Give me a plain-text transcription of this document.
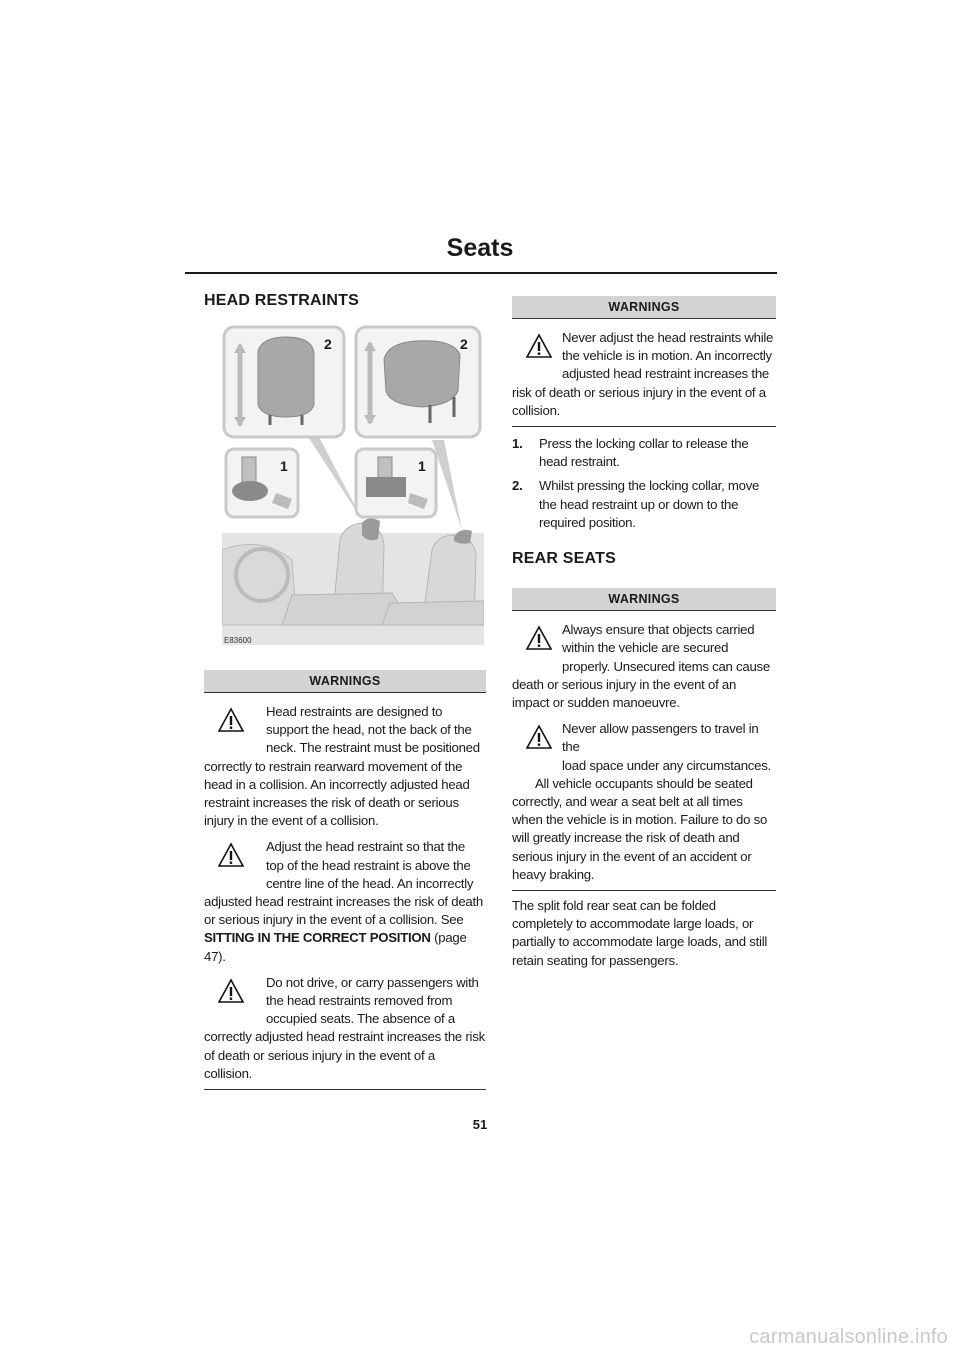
Seats
HEAD RESTRAINTS
2	2
1	1
E83600
WARNINGS
Head restraints are designed to
support the head, not the back of the
neck. The restraint must be positioned
correctly to restrain rearward movement of the head in a collision. An incorrectly adjusted head restraint increases the risk of death or serious injury in the event of a collision.
Adjust the head restraint so that the
top of the head restraint is above the
centre line of the head. An incorrectly
adjusted head restraint increases the risk of death or serious injury in the event of a collision. See SITTING IN THE CORRECT POSITION (page 47).
Do not drive, or carry passengers with
the head restraints removed from
occupied seats. The absence of a
correctly adjusted head restraint increases the risk of death or serious injury in the event of a collision.
WARNINGS
Never adjust the head restraints while
the vehicle is in motion. An incorrectly
adjusted head restraint increases the
risk of death or serious injury in the event of a collision.
1. Press the locking collar to release the head restraint.
2. Whilst pressing the locking collar, move the head restraint up or down to the required position.
REAR SEATS
WARNINGS
Always ensure that objects carried
within the vehicle are secured
properly. Unsecured items can cause
death or serious injury in the event of an impact or sudden manoeuvre.
Never allow passengers to travel in the
load space under any circumstances.
All vehicle occupants should be seated
correctly, and wear a seat belt at all times when the vehicle is in motion. Failure to do so will greatly increase the risk of death and serious injury in the event of an accident or heavy braking.

The split fold rear seat can be folded completely to accommodate large loads, or partially to accommodate large loads, and still retain seating for passengers.

51
carmanualsonline.info
